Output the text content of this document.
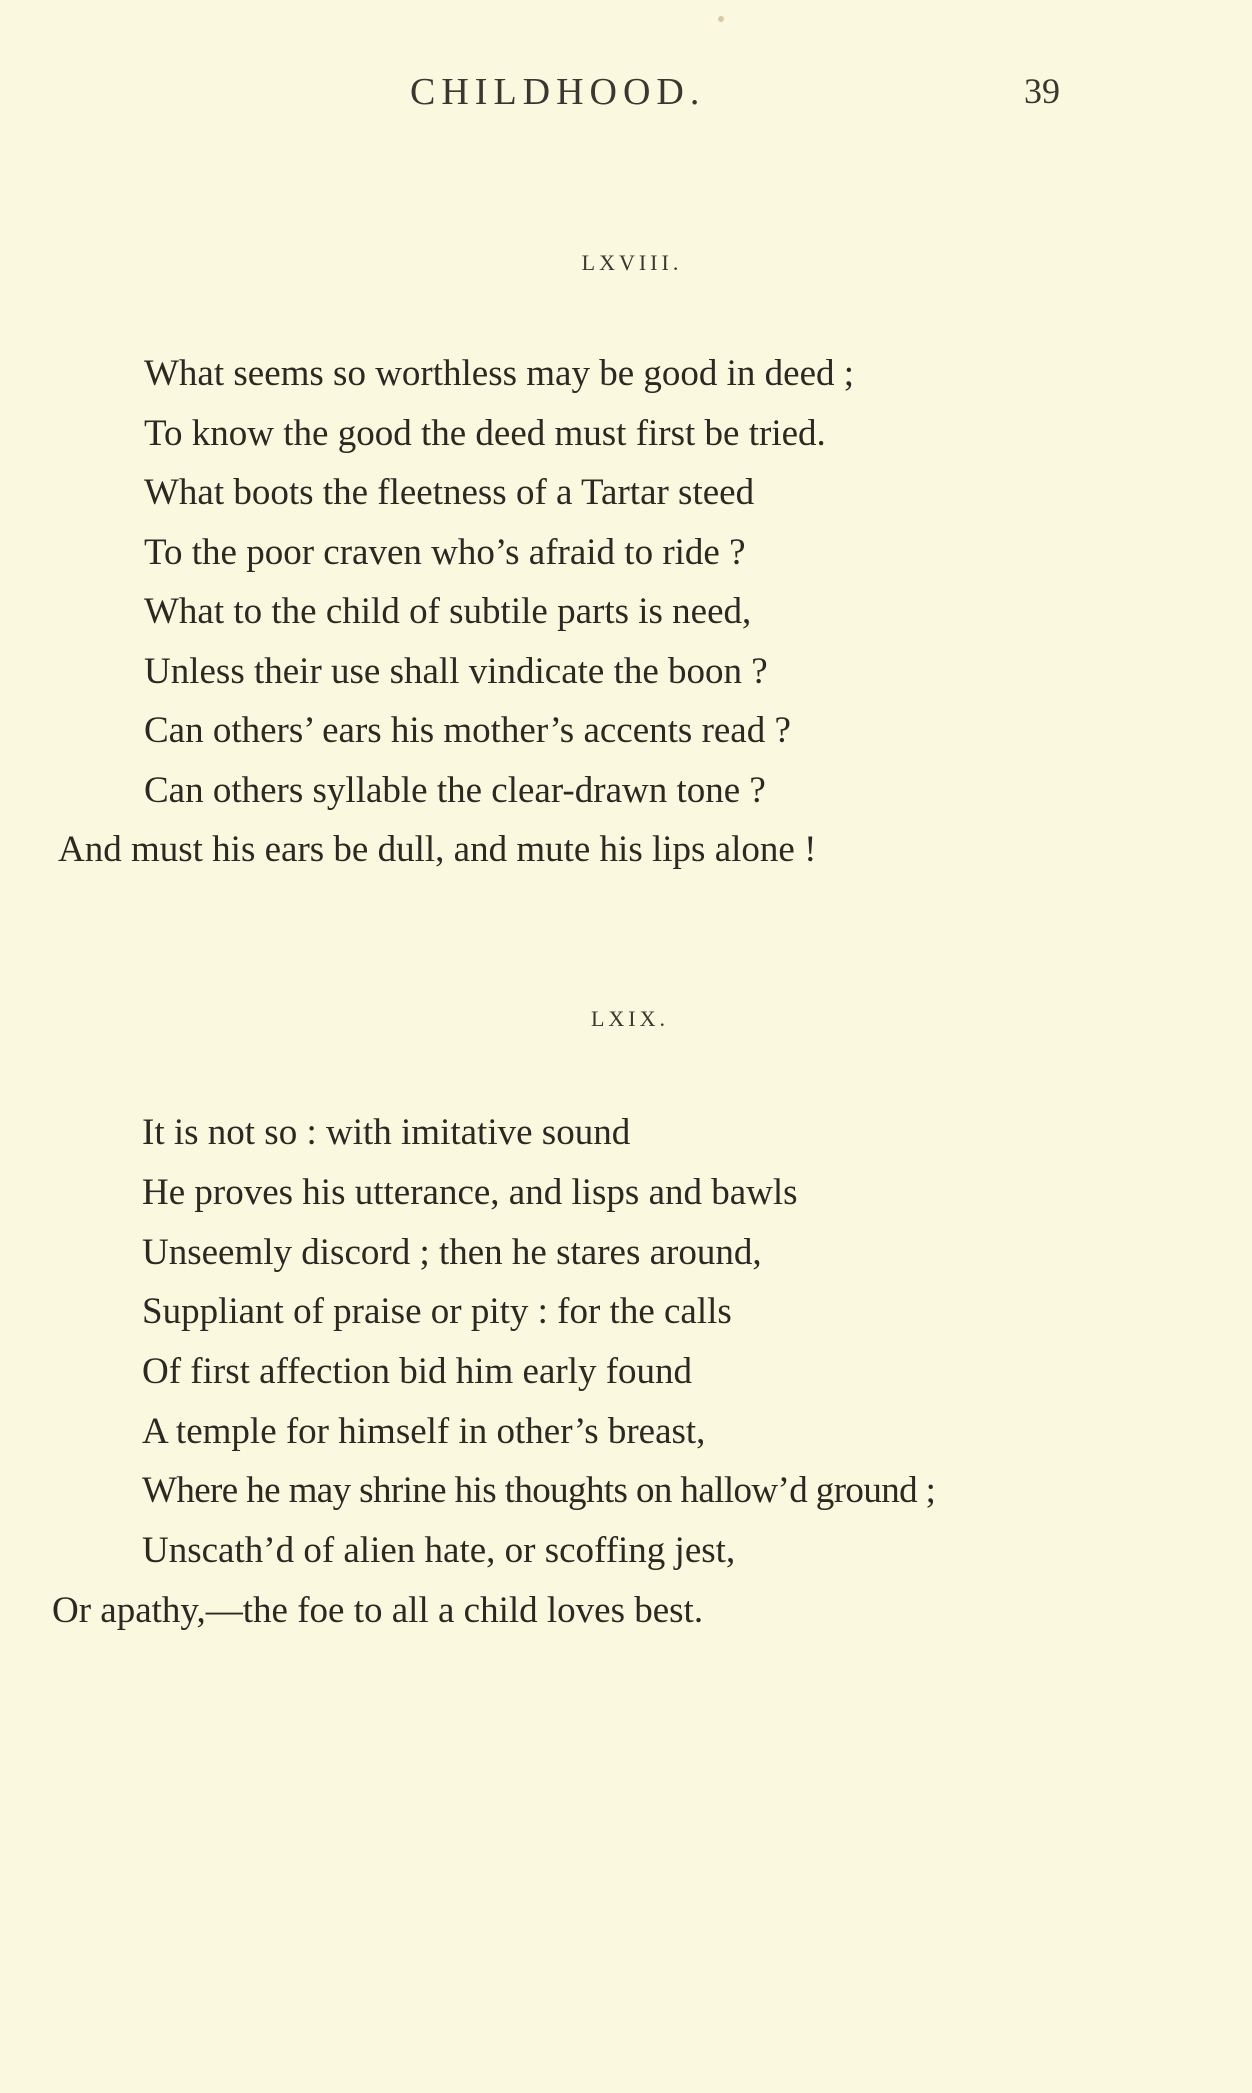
CHILDHOOD.	39
LXVIII.
What seems so worthless may be good in deed ;
To know the good the deed must first be tried.
What boots the fleetness of a Tartar steed
To the poor craven who’s afraid to ride ?
What to the child of subtile parts is need,
Unless their use shall vindicate the boon ?
Can others’ ears his mother’s accents read ?
Can others syllable the clear-drawn tone ?
And must his ears be dull, and mute his lips alone !
LXIX.
It is not so : with imitative sound
He proves his utterance, and lisps and bawls
Unseemly discord ; then he stares around,
Suppliant of praise or pity : for the calls
Of first affection bid him early found
A temple for himself in other’s breast,
Where he may shrine his thoughts on hallow’d ground ;
Unscath’d of alien hate, or scoffing jest,
Or apathy,—the foe to all a child loves best.
